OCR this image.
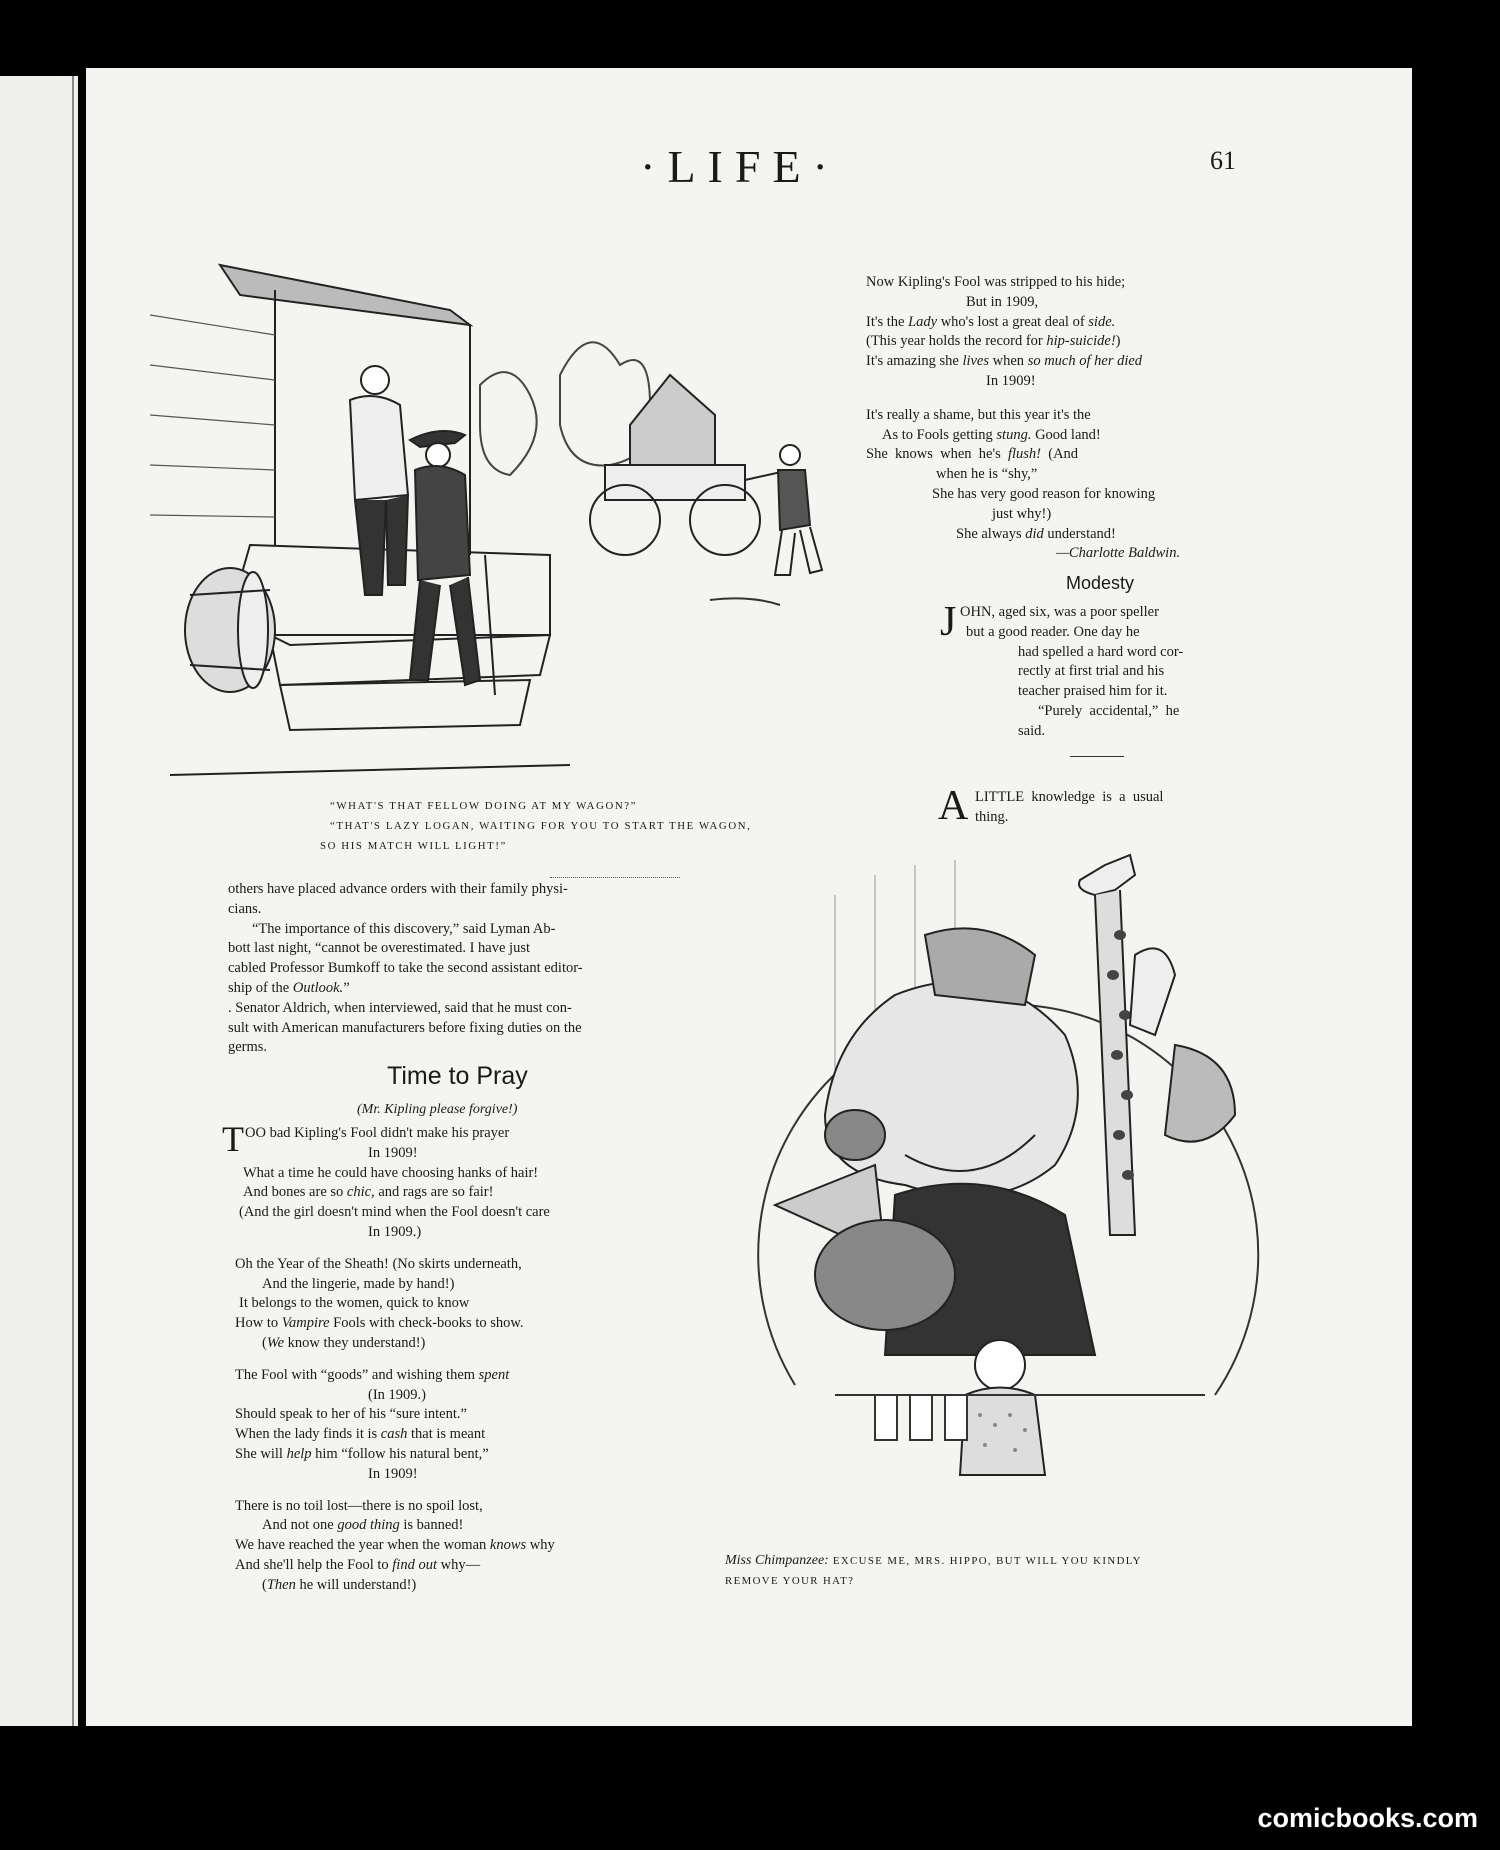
·LIFE·	61
“WHAT'S THAT FELLOW DOING AT MY WAGON?”
“THAT'S LAZY LOGAN, WAITING FOR YOU TO START THE WAGON,
SO HIS MATCH WILL LIGHT!”

Now Kipling's Fool was stripped to his hide;

But in 1909,

It's the Lady who's lost a great deal of side.

(This year holds the record for hip-suicide!)

It's amazing she lives when so much of her died

In 1909!

It's really a shame, but this year it's the

As to Fools getting stung. Good land!

She  knows  when  he's  flush!  (And

when he is “shy,”

She has very good reason for knowing

just why!)

She always did understand!

—Charlotte Baldwin.

Modesty
J OHN, aged six, was a poor speller

but a good reader. One day he

had spelled a hard word cor-

rectly at first trial and his

teacher praised him for it.

“Purely  accidental,”  he

said.

A LITTLE  knowledge  is  a  usual

thing.

others have placed advance orders with their family physi-

cians.

“The importance of this discovery,” said Lyman Ab-

bott last night, “cannot be overestimated. I have just

cabled Professor Bumkoff to take the second assistant editor-

ship of the Outlook.”

. Senator Aldrich, when interviewed, said that he must con-

sult with American manufacturers before fixing duties on the

germs.

Time to Pray
(Mr. Kipling please forgive!)
T OO bad Kipling's Fool didn't make his prayer

In 1909!

What a time he could have choosing hanks of hair!

And bones are so chic, and rags are so fair!

(And the girl doesn't mind when the Fool doesn't care

In 1909.)

Oh the Year of the Sheath! (No skirts underneath,

And the lingerie, made by hand!)

It belongs to the women, quick to know

How to Vampire Fools with check-books to show.

(We know they understand!)

The Fool with “goods” and wishing them spent

(In 1909.)

Should speak to her of his “sure intent.”

When the lady finds it is cash that is meant

She will help him “follow his natural bent,”

In 1909!

There is no toil lost—there is no spoil lost,

And not one good thing is banned!

We have reached the year when the woman knows why

And she'll help the Fool to find out why—

(Then he will understand!)

Miss Chimpanzee: EXCUSE ME, MRS. HIPPO, BUT WILL YOU KINDLY
REMOVE YOUR HAT?
comicbooks.com
